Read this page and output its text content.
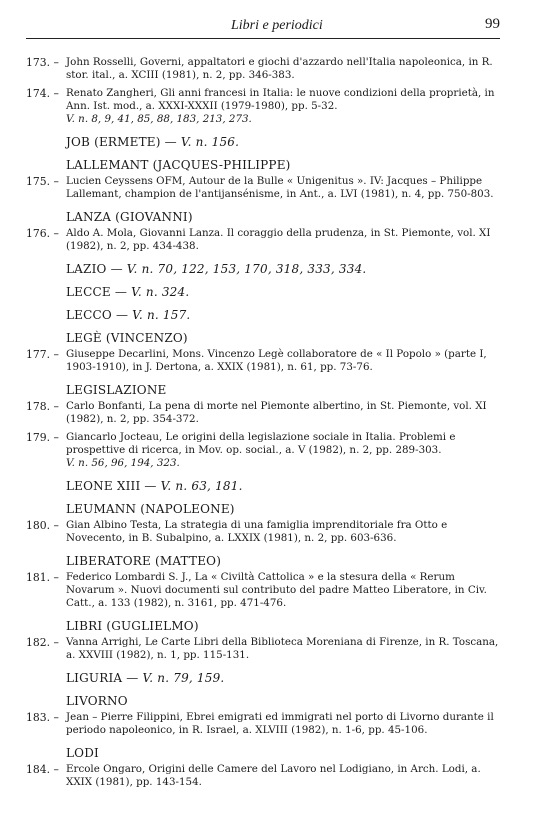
Libri e periodici	99
173. – John Rosselli, Governi, appaltatori e giochi d'azzardo nell'Italia napoleonica, in R. stor. ital., a. XCIII (1981), n. 2, pp. 346-383.
174. – Renato Zangheri, Gli anni francesi in Italia: le nuove condizioni della proprietà, in Ann. Ist. mod., a. XXXI-XXXII (1979-1980), pp. 5-32.
V. n. 8, 9, 41, 85, 88, 183, 213, 273.
JOB (ERMETE) — V. n. 156.
LALLEMANT (JACQUES-PHILIPPE)
175. – Lucien Ceyssens OFM, Autour de la Bulle « Unigenitus ». IV: Jacques – Philippe Lallemant, champion de l'antijansénisme, in Ant., a. LVI (1981), n. 4, pp. 750-803.
LANZA (GIOVANNI)
176. – Aldo A. Mola, Giovanni Lanza. Il coraggio della prudenza, in St. Piemonte, vol. XI (1982), n. 2, pp. 434-438.
LAZIO — V. n. 70, 122, 153, 170, 318, 333, 334.
LECCE — V. n. 324.
LECCO — V. n. 157.
LEGÈ (VINCENZO)
177. – Giuseppe Decarlini, Mons. Vincenzo Legè collaboratore de « Il Popolo » (parte I, 1903-1910), in J. Dertona, a. XXIX (1981), n. 61, pp. 73-76.
LEGISLAZIONE
178. – Carlo Bonfanti, La pena di morte nel Piemonte albertino, in St. Piemonte, vol. XI (1982), n. 2, pp. 354-372.
179. – Giancarlo Jocteau, Le origini della legislazione sociale in Italia. Problemi e prospettive di ricerca, in Mov. op. social., a. V (1982), n. 2, pp. 289-303.
V. n. 56, 96, 194, 323.
LEONE XIII — V. n. 63, 181.
LEUMANN (NAPOLEONE)
180. – Gian Albino Testa, La strategia di una famiglia imprenditoriale fra Otto e Novecento, in B. Subalpino, a. LXXIX (1981), n. 2, pp. 603-636.
LIBERATORE (MATTEO)
181. – Federico Lombardi S. J., La « Civiltà Cattolica » e la stesura della « Rerum Novarum ». Nuovi documenti sul contributo del padre Matteo Liberatore, in Civ. Catt., a. 133 (1982), n. 3161, pp. 471-476.
LIBRI (GUGLIELMO)
182. – Vanna Arrighi, Le Carte Libri della Biblioteca Moreniana di Firenze, in R. Toscana, a. XXVIII (1982), n. 1, pp. 115-131.
LIGURIA — V. n. 79, 159.
LIVORNO
183. – Jean – Pierre Filippini, Ebrei emigrati ed immigrati nel porto di Livorno durante il periodo napoleonico, in R. Israel, a. XLVIII (1982), n. 1-6, pp. 45-106.
LODI
184. – Ercole Ongaro, Origini delle Camere del Lavoro nel Lodigiano, in Arch. Lodi, a. XXIX (1981), pp. 143-154.
